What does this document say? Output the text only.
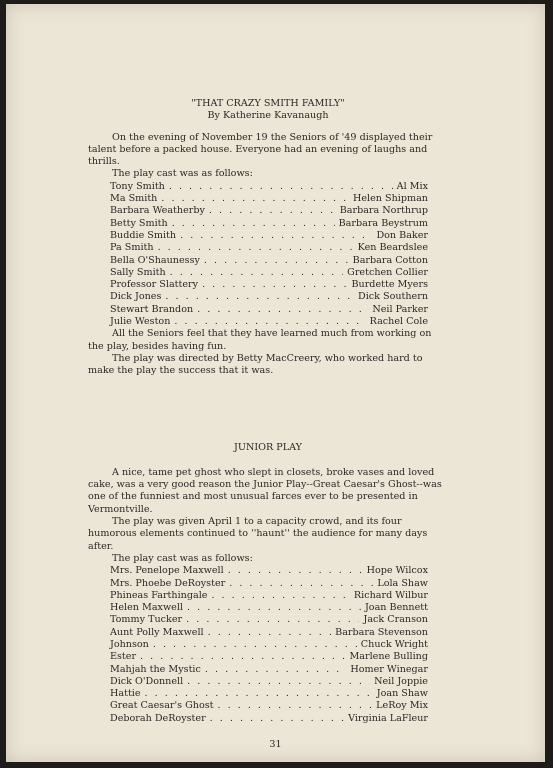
"THAT CRAZY SMITH FAMILY"
By Katherine Kavanaugh

On the evening of November 19 the Seniors of '49 displayed their talent before a packed house. Everyone had an evening of laughs and thrills.

The play cast was as follows:
Tony Smith . . .	Al Mix
Ma Smith . . .	Helen Shipman
Barbara Weatherby . . .	Barbara Northrup
Betty Smith . . .	Barbara Beystrum
Buddie Smith . . .	Don Baker
Pa Smith . . .	Ken Beardslee
Bella O'Shaunessy . . .	Barbara Cotton
Sally Smith . . .	Gretchen Collier
Professor Slattery . . .	Burdette Myers
Dick Jones . . .	Dick Southern
Stewart Brandon . . .	Neil Parker
Julie Weston . . .	Rachel Cole

All the Seniors feel that they have learned much from working on the play, besides having fun.

The play was directed by Betty MacCreery, who worked hard to make the play the success that it was.

JUNIOR PLAY

A nice, tame pet ghost who slept in closets, broke vases and loved cake, was a very good reason the Junior Play--Great Caesar's Ghost--was one of the funniest and most unusual farces ever to be presented in Vermontville.

The play was given April 1 to a capacity crowd, and its four humorous elements continued to ''haunt'' the audience for many days after.

The play cast was as follows:
Mrs. Penelope Maxwell . . .	Hope Wilcox
Mrs. Phoebe DeRoyster . . .	Lola Shaw
Phineas Farthingale . . .	Richard Wilbur
Helen Maxwell . . .	Joan Bennett
Tommy Tucker . . .	Jack Cranson
Aunt Polly Maxwell . . .	Barbara Stevenson
Johnson . . .	Chuck Wright
Ester . . .	Marlene Bulling
Mahjah the Mystic . . .	Homer Winegar
Dick O'Donnell . . .	Neil Joppie
Hattie . . .	Joan Shaw
Great Caesar's Ghost . . .	LeRoy Mix
Deborah DeRoyster . . .	Virginia LaFleur
31
